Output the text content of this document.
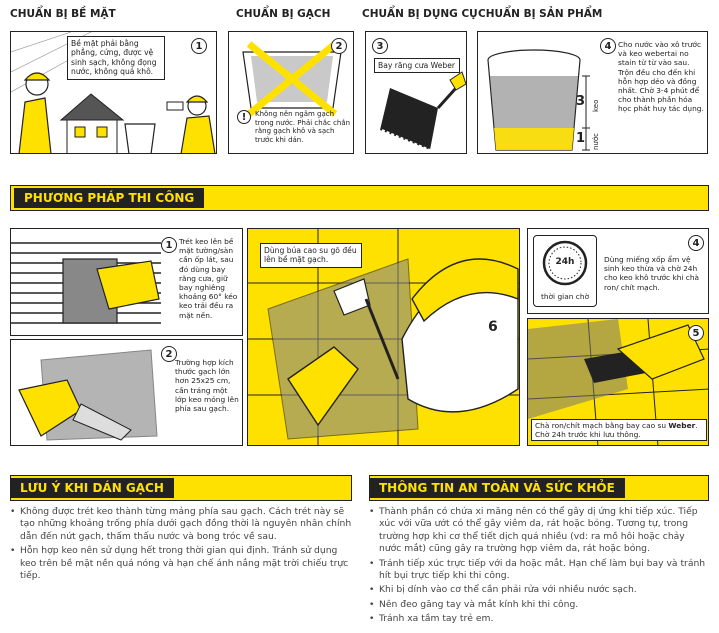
CHUẨN BỊ BỀ MẶT	CHUẨN BỊ GẠCH	CHUẨN BỊ DỤNG CỤ CHUẨN BỊ SẢN PHẨM
1
Bề mặt phải bằng phẳng, cứng, được vệ sinh sạch, không đọng nước, không quá khô.
2
!	Không nên ngâm gạch trong nước. Phải chắc chắn rằng gạch khô và sạch trước khi dán.
3
Bay răng cưa Weber
3
1
keo
nước
4 Cho nước vào xô trước và keo webertai no stain từ từ vào sau. Trộn đều cho đến khi hỗn hợp dẻo và đồng nhất. Chờ 3-4 phút để cho thành phần hóa học phát huy tác dụng.
PHƯƠNG PHÁP THI CÔNG
1 Trét keo lên bề mặt tường/sàn cần ốp lát, sau đó dùng bay răng cưa, giữ bay nghiêng khoảng 60° kéo keo trải đều ra mặt nền.
2
Trường hợp kích thước gạch lớn hơn 25x25 cm, cần tráng một lớp keo mỏng lên phía sau gạch.
Dùng búa cao su gõ đều lên bề mặt gạch.
6
24h
thời gian chờ
4
Dùng miếng xốp ẩm vệ sinh keo thừa và chờ 24h cho keo khô trước khi chà ron/ chít mạch.
5
Chà ron/chít mạch bằng bay cao su Weber.
Chờ 24h trước khi lưu thông.
LƯU Ý KHI DÁN GẠCH
• Không được trét keo thành từng mảng phía sau gạch. Cách trét này sẽ tạo những khoảng trống phía dưới gạch đồng thời là nguyên nhân chính dẫn đến nứt gạch, thấm thấu nước và bong tróc về sau.
• Hỗn hợp keo nên sử dụng hết trong thời gian qui định. Tránh sử dụng keo trên bề mặt nền quá nóng và hạn chế ánh nắng mặt trời chiếu trực tiếp.
THÔNG TIN AN TOÀN VÀ SỨC KHỎE
• Thành phần có chứa xi măng nên có thể gây dị ứng khi tiếp xúc. Tiếp xúc với vữa ướt có thể gây viêm da, rát hoặc bỏng. Tương tự, trong trường hợp khi cơ thể tiết dịch quá nhiều (vd: ra mồ hôi hoặc chảy nước mắt) cũng gây ra trường hợp viêm da, rát hoặc bỏng.
• Tránh tiếp xúc trực tiếp với da hoặc mắt. Hạn chế làm bụi bay và tránh hít bụi trực tiếp khi thi công.
• Khi bị dính vào cơ thể cần phải rửa với nhiều nước sạch.
• Nên đeo găng tay và mắt kính khi thi công.
• Tránh xa tầm tay trẻ em.
